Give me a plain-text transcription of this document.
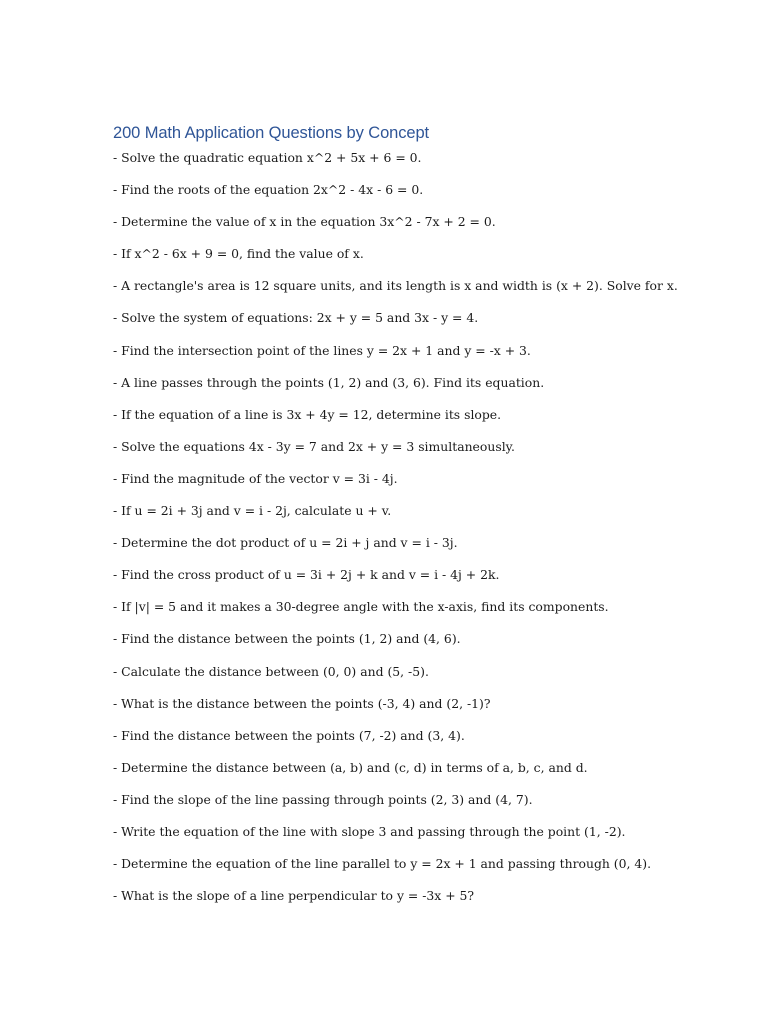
200 Math Application Questions by Concept
- Solve the quadratic equation x^2 + 5x + 6 = 0.
- Find the roots of the equation 2x^2 - 4x - 6 = 0.
- Determine the value of x in the equation 3x^2 - 7x + 2 = 0.
- If x^2 - 6x + 9 = 0, find the value of x.
- A rectangle's area is 12 square units, and its length is x and width is (x + 2). Solve for x.
- Solve the system of equations: 2x + y = 5 and 3x - y = 4.
- Find the intersection point of the lines y = 2x + 1 and y = -x + 3.
- A line passes through the points (1, 2) and (3, 6). Find its equation.
- If the equation of a line is 3x + 4y = 12, determine its slope.
- Solve the equations 4x - 3y = 7 and 2x + y = 3 simultaneously.
- Find the magnitude of the vector v = 3i - 4j.
- If u = 2i + 3j and v = i - 2j, calculate u + v.
- Determine the dot product of u = 2i + j and v = i - 3j.
- Find the cross product of u = 3i + 2j + k and v = i - 4j + 2k.
- If |v| = 5 and it makes a 30-degree angle with the x-axis, find its components.
- Find the distance between the points (1, 2) and (4, 6).
- Calculate the distance between (0, 0) and (5, -5).
- What is the distance between the points (-3, 4) and (2, -1)?
- Find the distance between the points (7, -2) and (3, 4).
- Determine the distance between (a, b) and (c, d) in terms of a, b, c, and d.
- Find the slope of the line passing through points (2, 3) and (4, 7).
- Write the equation of the line with slope 3 and passing through the point (1, -2).
- Determine the equation of the line parallel to y = 2x + 1 and passing through (0, 4).
- What is the slope of a line perpendicular to y = -3x + 5?
